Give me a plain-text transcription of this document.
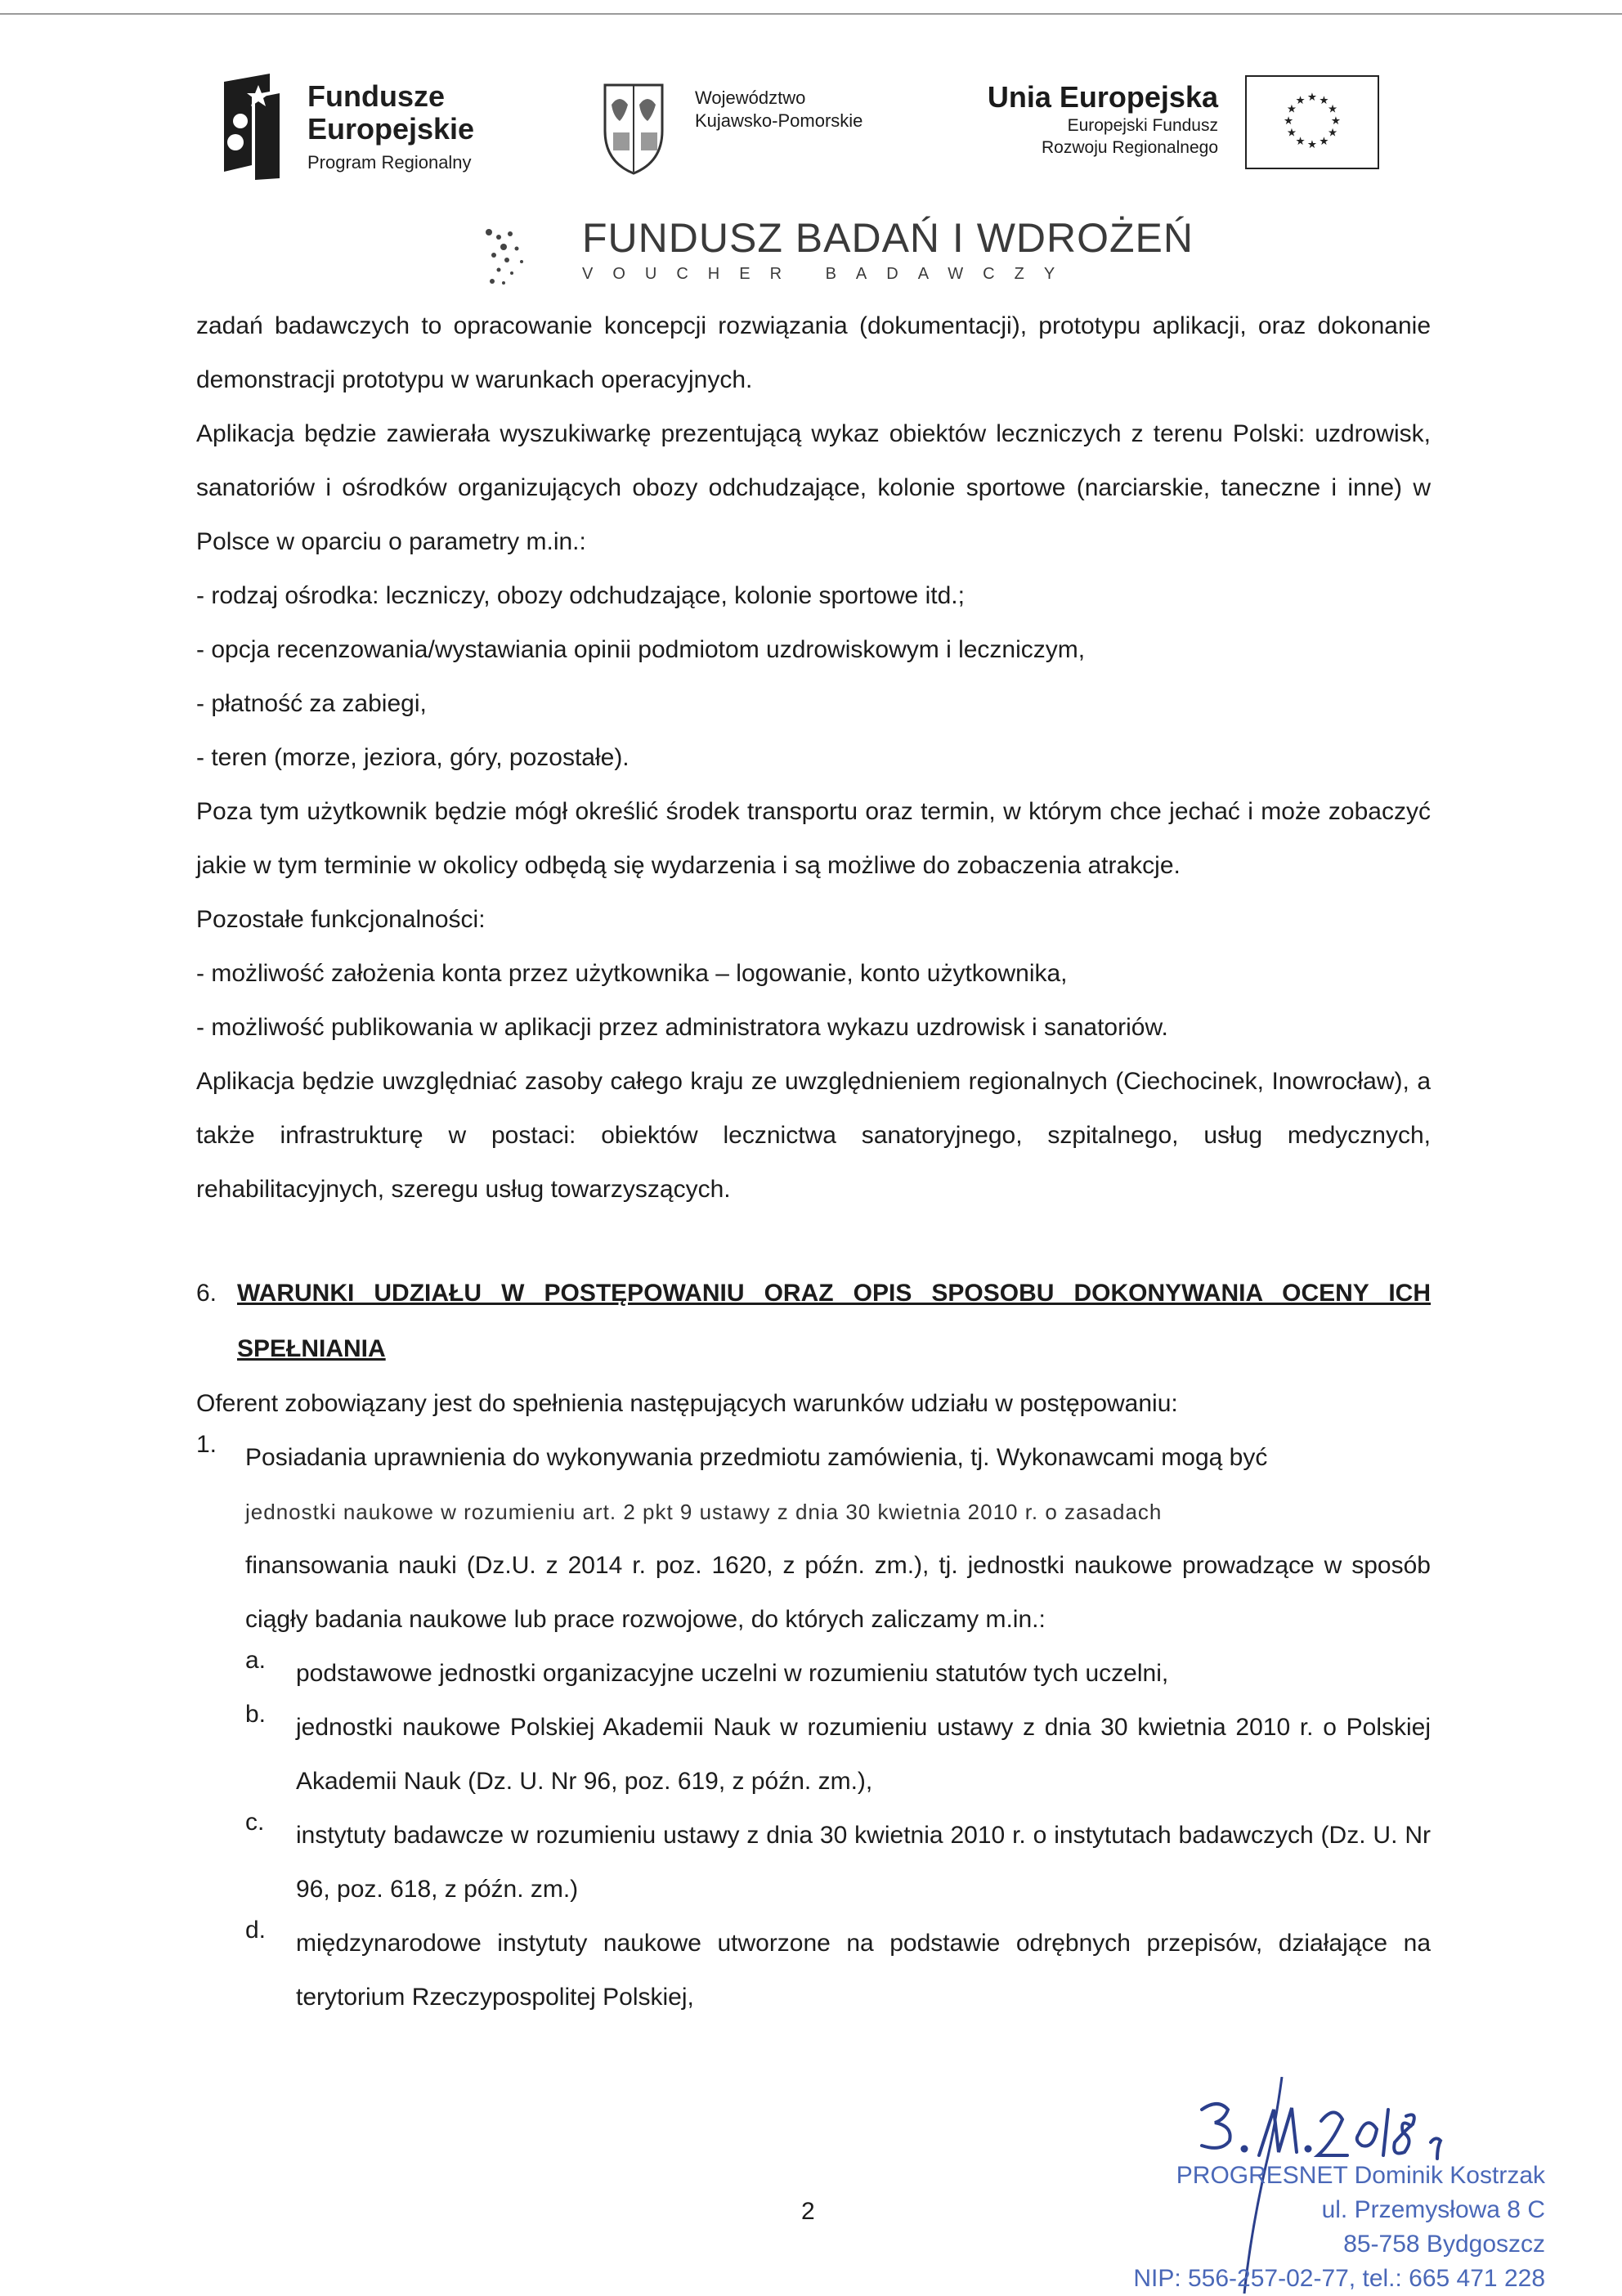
Fundusze
Europejskie
Program Regionalny
Województwo
Kujawsko-Pomorskie
Unia Europejska
Europejski Fundusz
Rozwoju Regionalnego
★ ★
★
★
★
★
★
★
★
★
★
★
FUNDUSZ BADAŃ I WDROŻEŃ
VOUCHER BADAWCZY

zadań badawczych to opracowanie koncepcji rozwiązania (dokumentacji), prototypu aplikacji, oraz dokonanie demonstracji prototypu w warunkach operacyjnych.

Aplikacja będzie zawierała wyszukiwarkę prezentującą wykaz obiektów leczniczych z terenu Polski: uzdrowisk, sanatoriów i ośrodków organizujących obozy odchudzające, kolonie sportowe (narciarskie, taneczne i inne) w Polsce w oparciu o parametry m.in.:

- rodzaj ośrodka: leczniczy, obozy odchudzające, kolonie sportowe itd.;

- opcja recenzowania/wystawiania opinii podmiotom uzdrowiskowym i leczniczym,

- płatność za zabiegi,

- teren (morze, jeziora, góry, pozostałe).

Poza tym użytkownik będzie mógł określić środek transportu oraz termin, w którym chce jechać i może zobaczyć jakie w tym terminie w okolicy odbędą się wydarzenia i są możliwe do zobaczenia atrakcje.

Pozostałe funkcjonalności:

- możliwość założenia konta przez użytkownika – logowanie, konto użytkownika,

- możliwość publikowania w aplikacji przez administratora wykazu uzdrowisk i sanatoriów.

Aplikacja będzie uwzględniać zasoby całego kraju ze uwzględnieniem regionalnych (Ciechocinek, Inowrocław), a także infrastrukturę w postaci: obiektów lecznictwa sanatoryjnego, szpitalnego, usług medycznych, rehabilitacyjnych, szeregu usług towarzyszących.

6. WARUNKI UDZIAŁU W POSTĘPOWANIU ORAZ OPIS SPOSOBU DOKONYWANIA OCENY ICH SPEŁNIANIA

Oferent zobowiązany jest do spełnienia następujących warunków udziału w postępowaniu:

1.	Posiadania uprawnienia do wykonywania przedmiotu zamówienia, tj. Wykonawcami mogą być
jednostki naukowe w rozumieniu art. 2 pkt 9 ustawy z dnia 30 kwietnia 2010 r. o zasadach
finansowania nauki (Dz.U. z 2014 r. poz. 1620, z późn. zm.), tj. jednostki naukowe prowadzące w sposób ciągły badania naukowe lub prace rozwojowe, do których zaliczamy m.in.:
a.	podstawowe jednostki organizacyjne uczelni w rozumieniu statutów tych uczelni,
b.	jednostki naukowe Polskiej Akademii Nauk w rozumieniu ustawy z dnia 30 kwietnia 2010 r. o Polskiej Akademii Nauk (Dz. U. Nr 96, poz. 619, z późn. zm.),
c.	instytuty badawcze w rozumieniu ustawy z dnia 30 kwietnia 2010 r. o instytutach badawczych (Dz. U. Nr 96, poz. 618, z późn. zm.)
d.	międzynarodowe instytuty naukowe utworzone na podstawie odrębnych przepisów, działające na terytorium Rzeczypospolitej Polskiej,
3.11.2018 r.
PROGRESNET Dominik Kostrzak
ul. Przemysłowa 8 C
85-758 Bydgoszcz
NIP: 556-257-02-77, tel.: 665 471 228
2
